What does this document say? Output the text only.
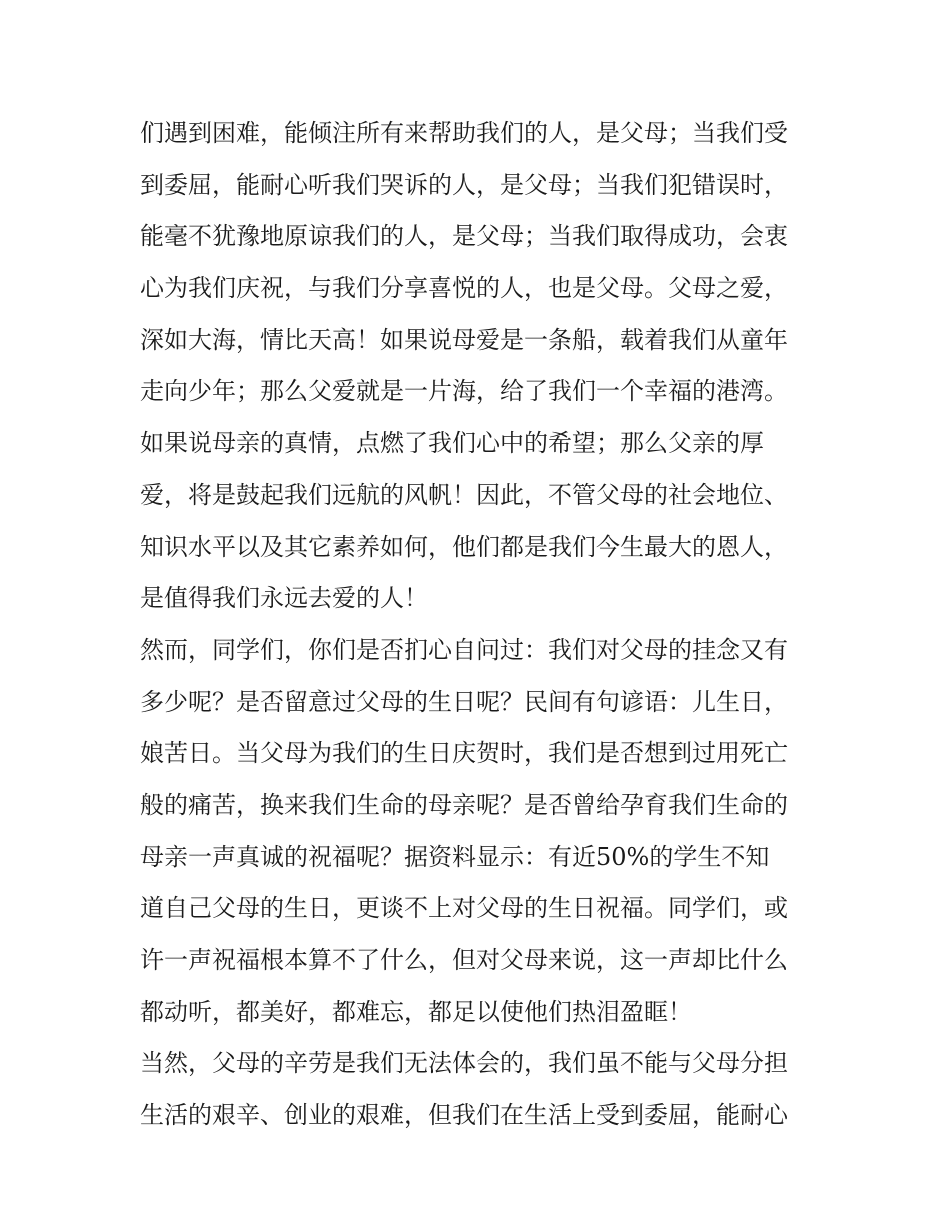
们遇到困难，能倾注所有来帮助我们的人，是父母；当我们受
到委屈，能耐心听我们哭诉的人，是父母；当我们犯错误时，
能毫不犹豫地原谅我们的人，是父母；当我们取得成功，会衷
心为我们庆祝，与我们分享喜悦的人，也是父母。父母之爱，
深如大海，情比天高！如果说母爱是一条船，载着我们从童年
走向少年；那么父爱就是一片海，给了我们一个幸福的港湾。
如果说母亲的真情，点燃了我们心中的希望；那么父亲的厚
爱，将是鼓起我们远航的风帆！因此，不管父母的社会地位、
知识水平以及其它素养如何，他们都是我们今生最大的恩人，
是值得我们永远去爱的人！
然而，同学们，你们是否扪心自问过：我们对父母的挂念又有
多少呢？是否留意过父母的生日呢？民间有句谚语：儿生日，
娘苦日。当父母为我们的生日庆贺时，我们是否想到过用死亡
般的痛苦，换来我们生命的母亲呢？是否曾给孕育我们生命的
母亲一声真诚的祝福呢？据资料显示：有近50%的学生不知
道自己父母的生日，更谈不上对父母的生日祝福。同学们，或
许一声祝福根本算不了什么，但对父母来说，这一声却比什么
都动听，都美好，都难忘，都足以使他们热泪盈眶！
当然，父母的辛劳是我们无法体会的，我们虽不能与父母分担
生活的艰辛、创业的艰难，但我们在生活上受到委屈，能耐心
